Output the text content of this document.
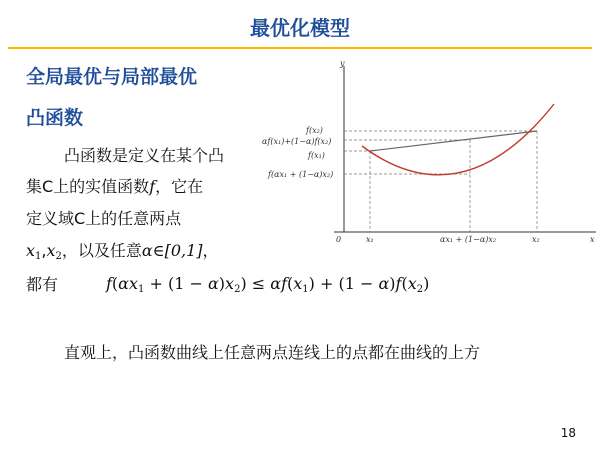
最优化模型
全局最优与局部最优
凸函数
凸函数是定义在某个凸
集C上的实值函数f，它在
定义域C上的任意两点
$x_1,x_2$，以及任意α∈[0,1]，
都有	$f(\alpha x_1 + (1 - \alpha)x_2) \le \alpha f(x_1) + (1 - \alpha)f(x_2)$
y
x
0
f(x₂)
αf(x₁)+(1−α)f(x₂)
f(x₁)
f(αx₁ + (1−α)x₂)
x₁	αx₁ + (1−α)x₂	x₂
直观上，凸函数曲线上任意两点连线上的点都在曲线的上方
18
